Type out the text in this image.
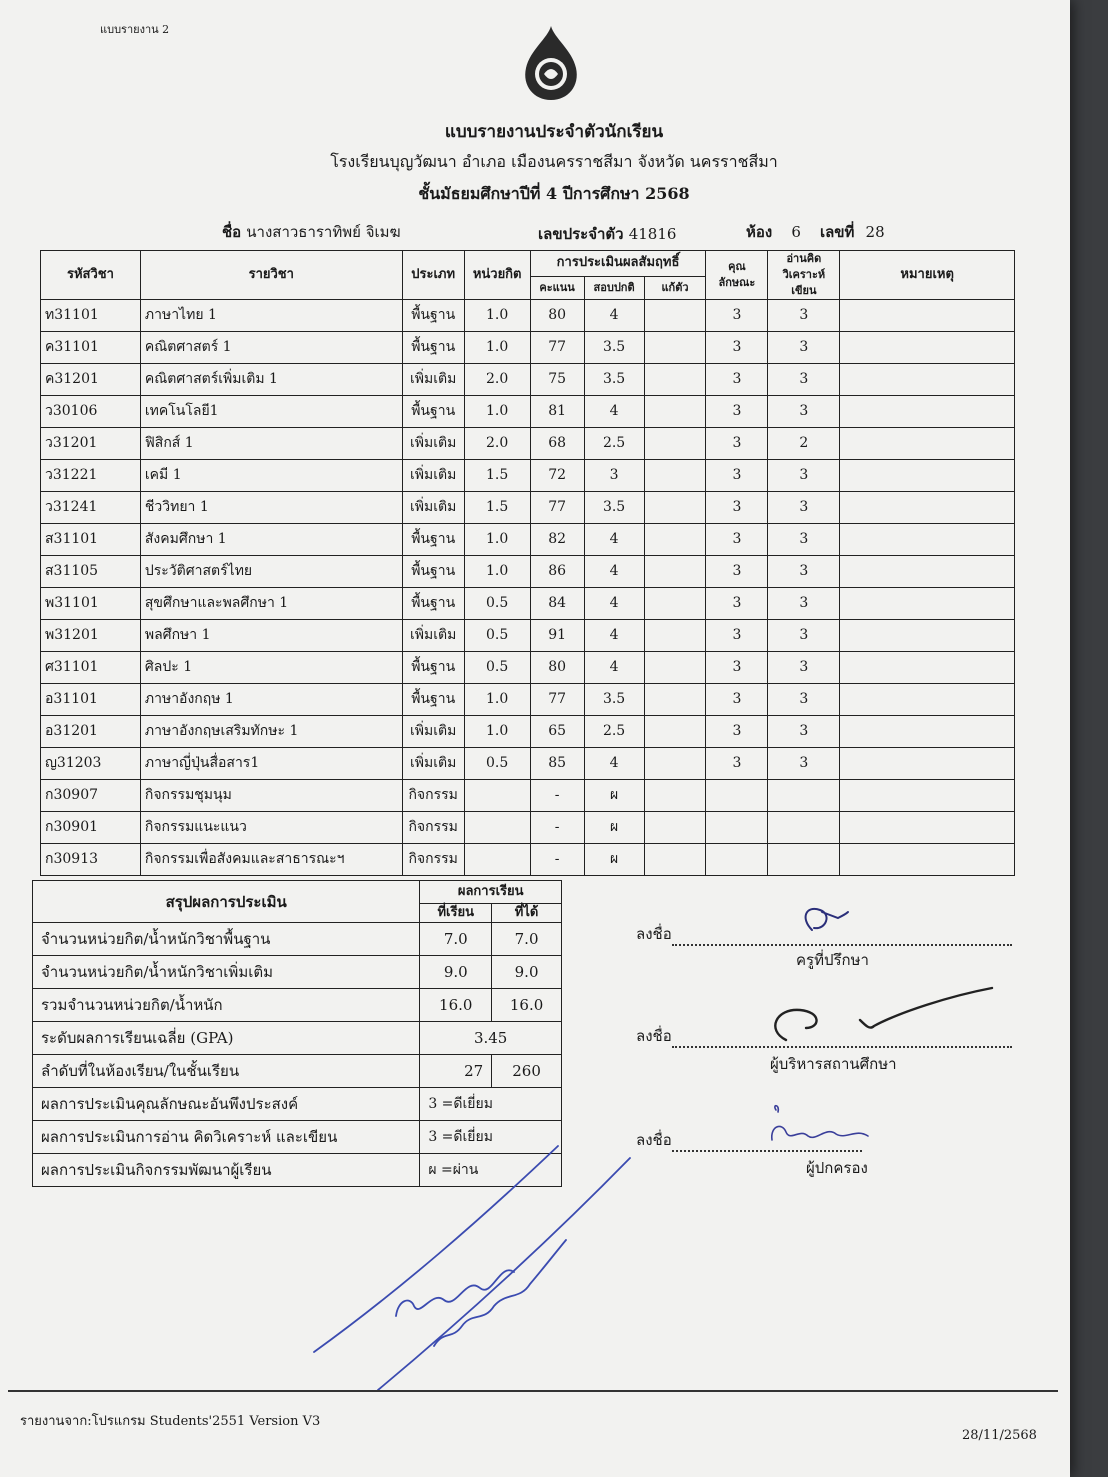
แบบรายงาน 2
แบบรายงานประจำตัวนักเรียน
โรงเรียนบุญวัฒนา อำเภอ เมืองนครราชสีมา จังหวัด นครราชสีมา
ชั้นมัธยมศึกษาปีที่ 4 ปีการศึกษา 2568
ชื่อ นางสาวธาราทิพย์ จิเมฆ	เลขประจำตัว 41816	ห้อง 6 เลขที่ 28
รหัสวิชา	รายวิชา	ประเภท	หน่วยกิต	การประเมินผลสัมฤทธิ์			คุณ ลักษณะ	อ่านคิด วิเคราะห์เขียน	หมายเหตุ
				คะแนน	สอบปกติ	แก้ตัว			
ท31101	ภาษาไทย 1	พื้นฐาน	1.0	80	4		3	3	
ค31101	คณิตศาสตร์ 1	พื้นฐาน	1.0	77	3.5		3	3	
ค31201	คณิตศาสตร์เพิ่มเติม 1	เพิ่มเติม	2.0	75	3.5		3	3	
ว30106	เทคโนโลยี1	พื้นฐาน	1.0	81	4		3	3	
ว31201	ฟิสิกส์ 1	เพิ่มเติม	2.0	68	2.5		3	2	
ว31221	เคมี 1	เพิ่มเติม	1.5	72	3		3	3	
ว31241	ชีววิทยา 1	เพิ่มเติม	1.5	77	3.5		3	3	
ส31101	สังคมศึกษา 1	พื้นฐาน	1.0	82	4		3	3	
ส31105	ประวัติศาสตร์ไทย	พื้นฐาน	1.0	86	4		3	3	
พ31101	สุขศึกษาและพลศึกษา 1	พื้นฐาน	0.5	84	4		3	3	
พ31201	พลศึกษา 1	เพิ่มเติม	0.5	91	4		3	3	
ศ31101	ศิลปะ 1	พื้นฐาน	0.5	80	4		3	3	
อ31101	ภาษาอังกฤษ 1	พื้นฐาน	1.0	77	3.5		3	3	
อ31201	ภาษาอังกฤษเสริมทักษะ 1	เพิ่มเติม	1.0	65	2.5		3	3	
ญ31203	ภาษาญี่ปุ่นสื่อสาร1	เพิ่มเติม	0.5	85	4		3	3	
ก30907	กิจกรรมชุมนุม	กิจกรรม		-	ผ				
ก30901	กิจกรรมแนะแนว	กิจกรรม		-	ผ				
ก30913	กิจกรรมเพื่อสังคมและสาธารณะฯ	กิจกรรม		-	ผ				
สรุปผลการประเมิน	ผลการเรียน	
	ที่เรียน	ที่ได้
จำนวนหน่วยกิต/น้ำหนักวิชาพื้นฐาน	7.0	7.0
จำนวนหน่วยกิต/น้ำหนักวิชาเพิ่มเติม	9.0	9.0
รวมจำนวนหน่วยกิต/น้ำหนัก	16.0	16.0
ระดับผลการเรียนเฉลี่ย (GPA)	3.45	
ลำดับที่ในห้องเรียน/ในชั้นเรียน	27	260
ผลการประเมินคุณลักษณะอันพึงประสงค์	3 =ดีเยี่ยม	
ผลการประเมินการอ่าน คิดวิเคราะห์ และเขียน	3 =ดีเยี่ยม	
ผลการประเมินกิจกรรมพัฒนาผู้เรียน	ผ =ผ่าน	
ลงชื่อ
ครูที่ปรึกษา
ลงชื่อ
ผู้บริหารสถานศึกษา
ลงชื่อ
ผู้ปกครอง
รายงานจาก:โปรแกรม Students'2551 Version V3
28/11/2568
